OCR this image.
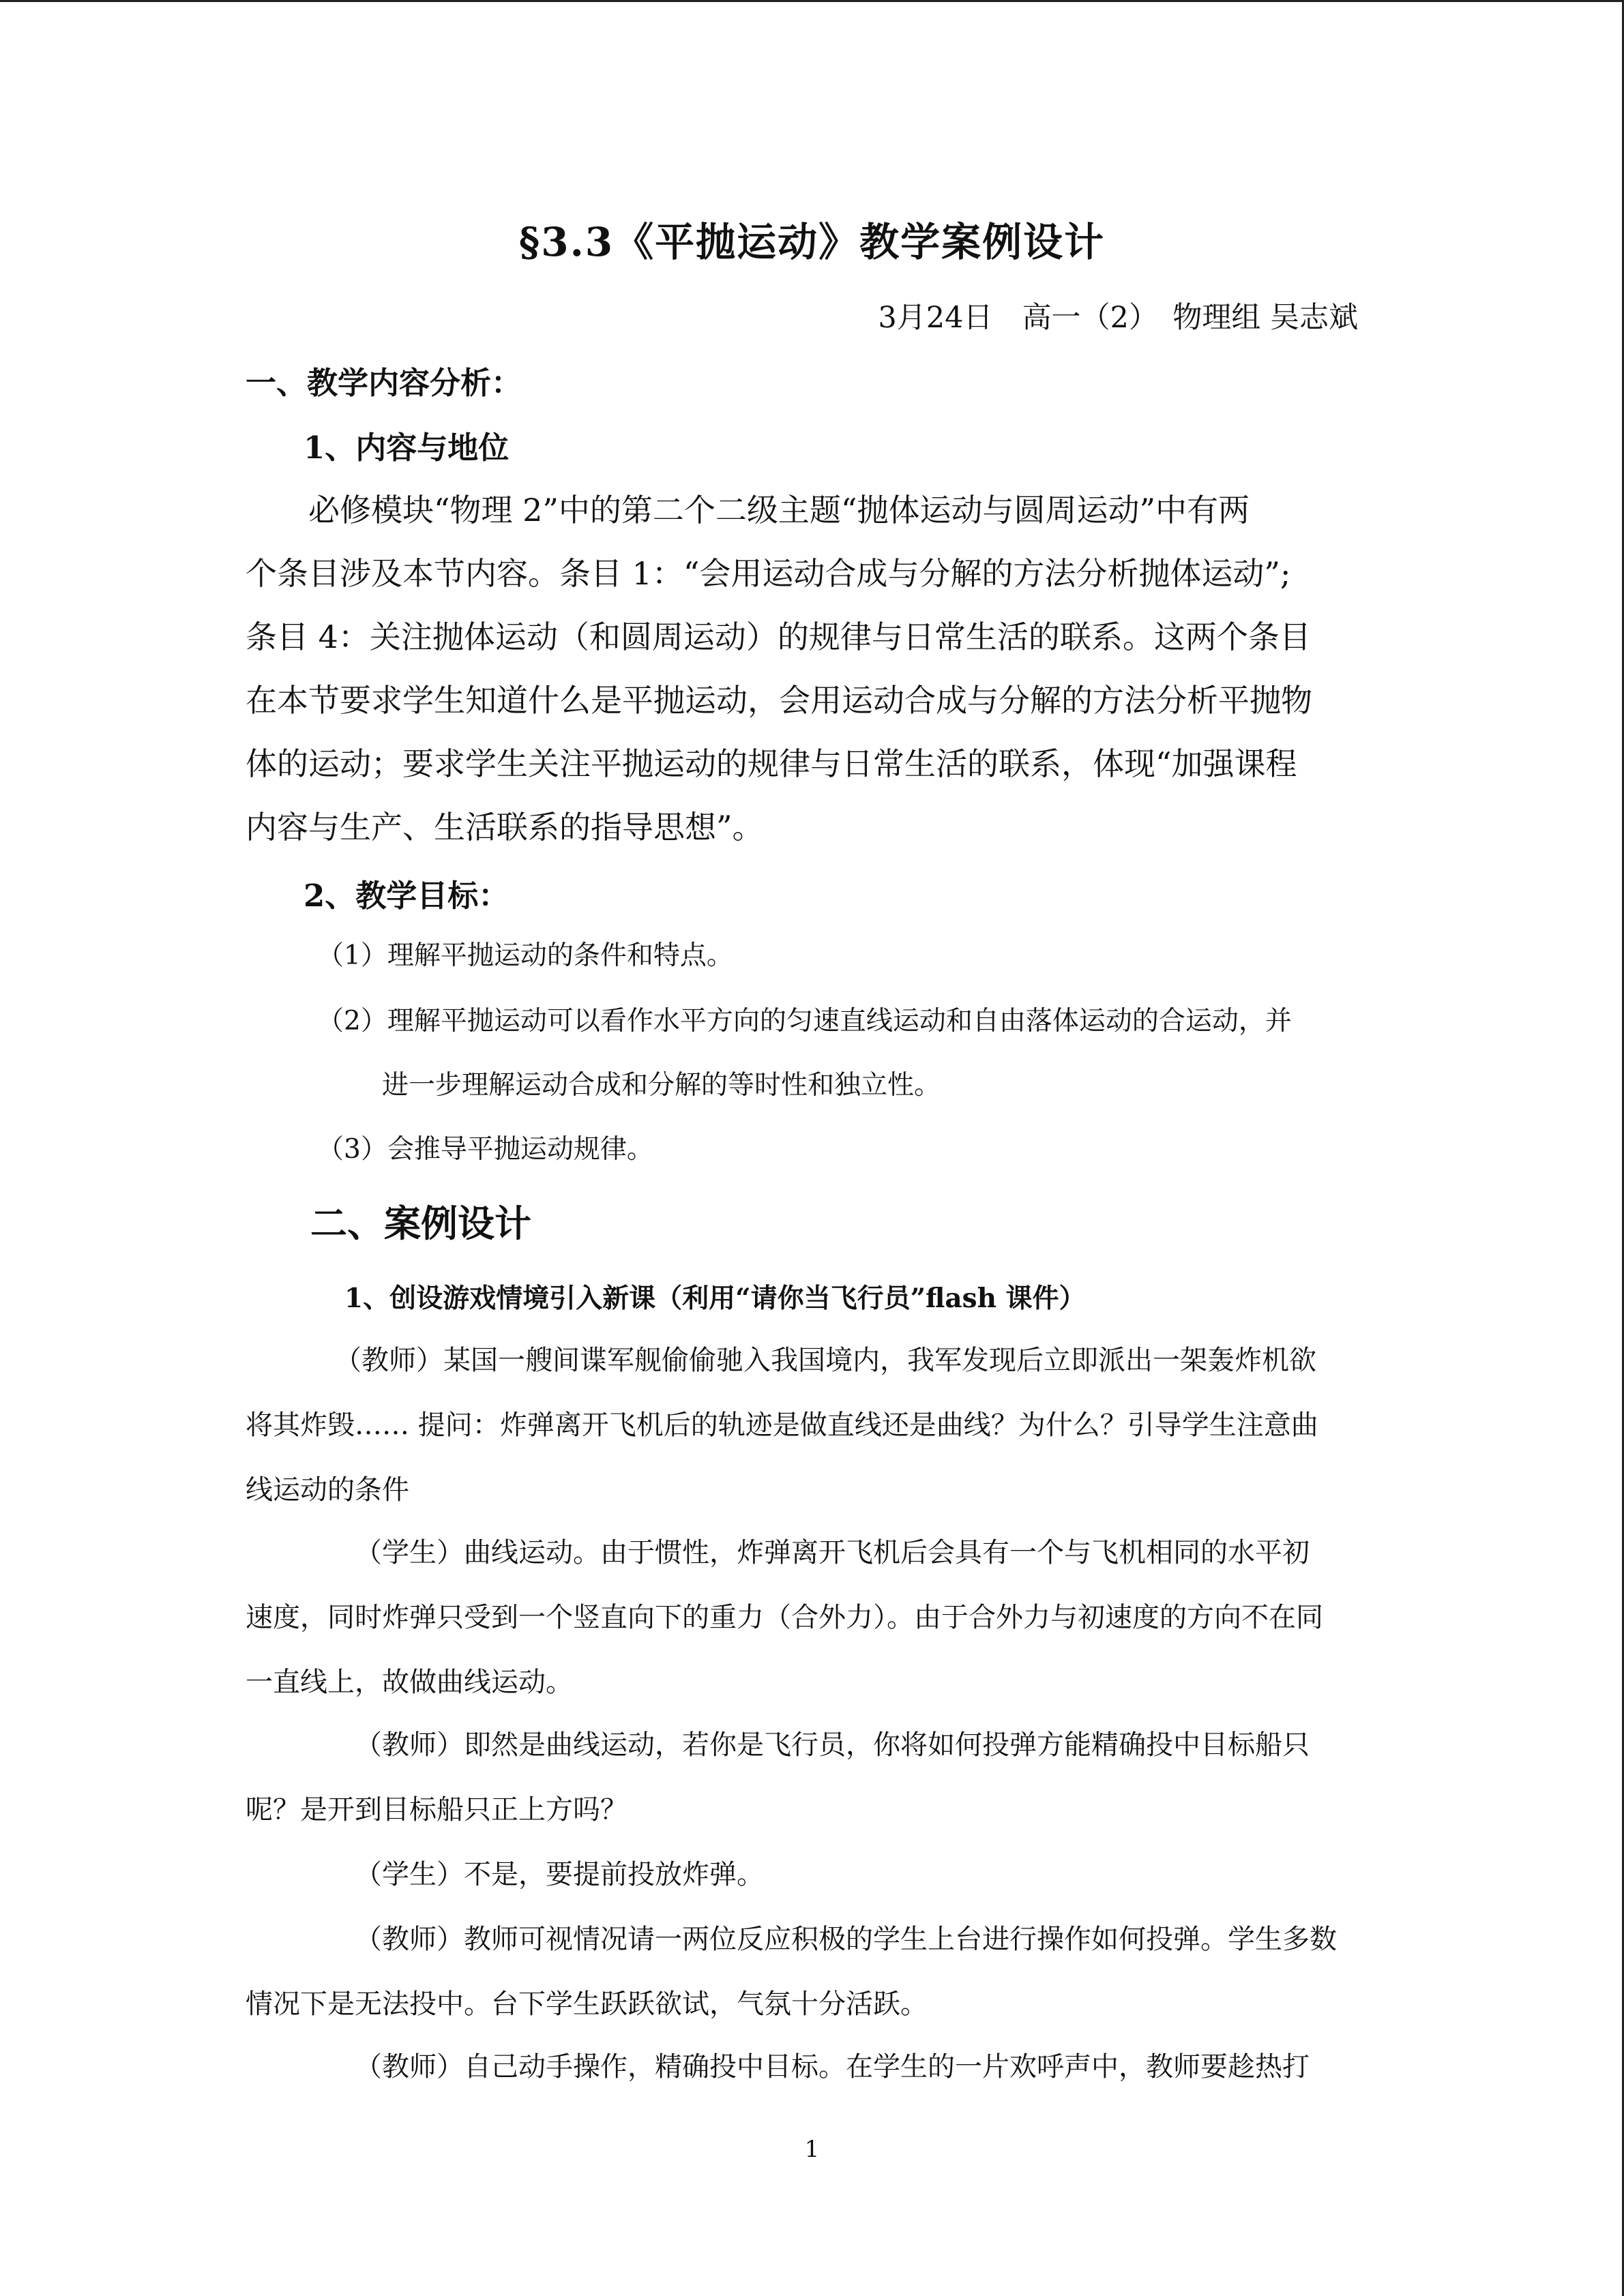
§3.3《平抛运动》教学案例设计
3月24日　高一（2）　物理组 吴志斌
一、教学内容分析：
1、内容与地位
　　必修模块“物理 2”中的第二个二级主题“抛体运动与圆周运动”中有两
个条目涉及本节内容。条目 1：“会用运动合成与分解的方法分析抛体运动”;
条目 4：关注抛体运动（和圆周运动）的规律与日常生活的联系。这两个条目
在本节要求学生知道什么是平抛运动，会用运动合成与分解的方法分析平抛物
体的运动；要求学生关注平抛运动的规律与日常生活的联系，体现“加强课程
内容与生产、生活联系的指导思想”。
2、教学目标：
（1）理解平抛运动的条件和特点。
（2）理解平抛运动可以看作水平方向的匀速直线运动和自由落体运动的合运动，并
进一步理解运动合成和分解的等时性和独立性。
（3）会推导平抛运动规律。
二、案例设计
1、创设游戏情境引入新课（利用“请你当飞行员”flash 课件）
（教师）某国一艘间谍军舰偷偷驰入我国境内，我军发现后立即派出一架轰炸机欲
将其炸毁…… 提问：炸弹离开飞机后的轨迹是做直线还是曲线？为什么？引导学生注意曲
线运动的条件
（学生）曲线运动。由于惯性，炸弹离开飞机后会具有一个与飞机相同的水平初
速度，同时炸弹只受到一个竖直向下的重力（合外力）。由于合外力与初速度的方向不在同
一直线上，故做曲线运动。
（教师）即然是曲线运动，若你是飞行员，你将如何投弹方能精确投中目标船只
呢？是开到目标船只正上方吗？
（学生）不是，要提前投放炸弹。
（教师）教师可视情况请一两位反应积极的学生上台进行操作如何投弹。学生多数
情况下是无法投中。台下学生跃跃欲试，气氛十分活跃。
（教师）自己动手操作，精确投中目标。在学生的一片欢呼声中，教师要趁热打
1
